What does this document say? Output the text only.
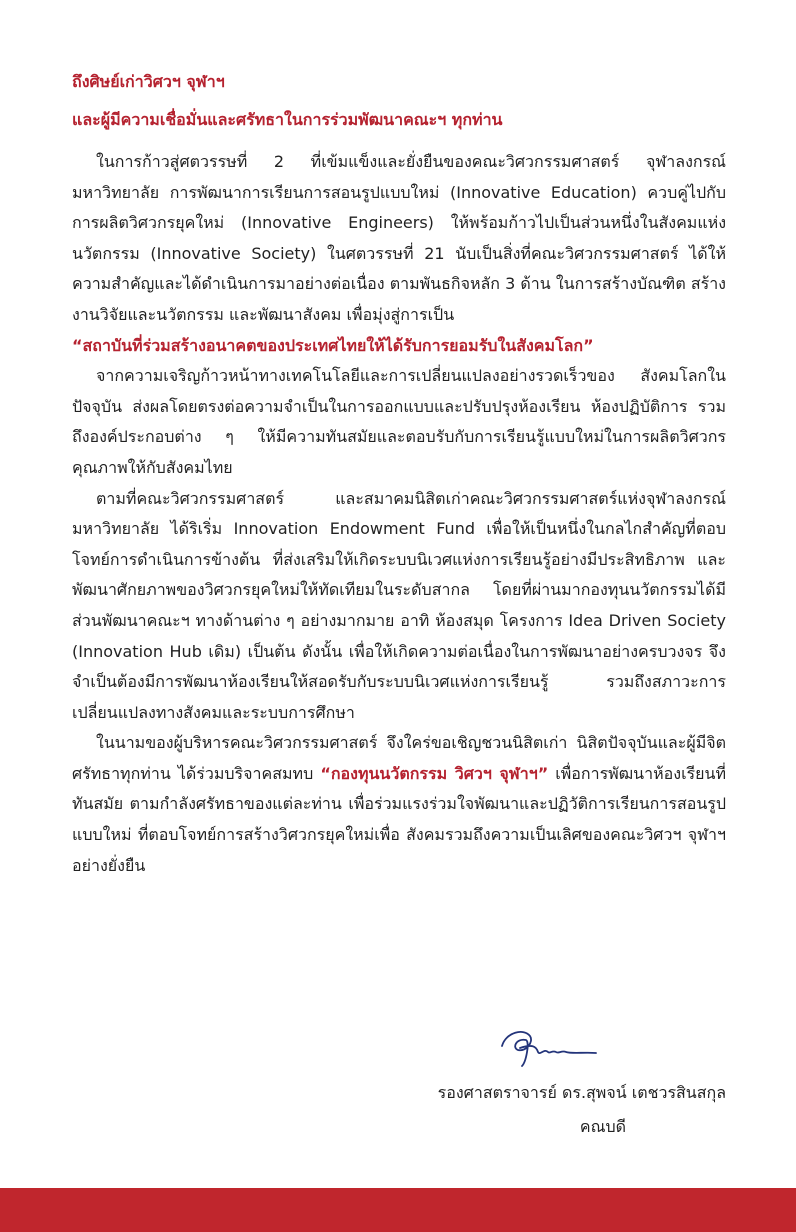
ถึงศิษย์เก่าวิศวฯ จุฬาฯ
และผู้มีความเชื่อมั่นและศรัทธาในการร่วมพัฒนาคณะฯ ทุกท่าน

ในการก้าวสู่ศตวรรษที่ 2 ที่เข้มแข็งและยั่งยืนของคณะวิศวกรรมศาสตร์ จุฬาลงกรณ์มหาวิทยาลัย การพัฒนาการเรียนการสอนรูปแบบใหม่ (Innovative Education) ควบคู่ไปกับการผลิตวิศวกรยุคใหม่ (Innovative Engineers) ให้พร้อมก้าวไปเป็นส่วนหนึ่งในสังคมแห่งนวัตกรรม (Innovative Society) ในศตวรรษที่ 21 นับเป็นสิ่งที่คณะวิศวกรรมศาสตร์ ได้ให้ความสำคัญและได้ดำเนินการมาอย่างต่อเนื่อง ตามพันธกิจหลัก 3 ด้าน ในการสร้างบัณฑิต สร้างงานวิจัยและนวัตกรรม และพัฒนาสังคม เพื่อมุ่งสู่การเป็น
“สถาบันที่ร่วมสร้างอนาคตของประเทศไทยให้ได้รับการยอมรับในสังคมโลก”

จากความเจริญก้าวหน้าทางเทคโนโลยีและการเปลี่ยนแปลงอย่างรวดเร็วของ สังคมโลกในปัจจุบัน ส่งผลโดยตรงต่อความจำเป็นในการออกแบบและปรับปรุงห้องเรียน ห้องปฏิบัติการ รวมถึงองค์ประกอบต่าง ๆ ให้มีความทันสมัยและตอบรับกับการเรียนรู้แบบใหม่ในการผลิตวิศวกรคุณภาพให้กับสังคมไทย

ตามที่คณะวิศวกรรมศาสตร์ และสมาคมนิสิตเก่าคณะวิศวกรรมศาสตร์แห่งจุฬาลงกรณ์มหาวิทยาลัย ได้ริเริ่ม Innovation Endowment Fund เพื่อให้เป็นหนึ่งในกลไกสำคัญที่ตอบโจทย์การดำเนินการข้างต้น ที่ส่งเสริมให้เกิดระบบนิเวศแห่งการเรียนรู้อย่างมีประสิทธิภาพ และพัฒนาศักยภาพของวิศวกรยุคใหม่ให้ทัดเทียมในระดับสากล โดยที่ผ่านมากองทุนนวัตกรรมได้มีส่วนพัฒนาคณะฯ ทางด้านต่าง ๆ อย่างมากมาย อาทิ ห้องสมุด โครงการ Idea Driven Society (Innovation Hub เดิม) เป็นต้น ดังนั้น เพื่อให้เกิดความต่อเนื่องในการพัฒนาอย่างครบวงจร จึงจำเป็นต้องมีการพัฒนาห้องเรียนให้สอดรับกับระบบนิเวศแห่งการเรียนรู้ รวมถึงสภาวะการเปลี่ยนแปลงทางสังคมและระบบการศึกษา

ในนามของผู้บริหารคณะวิศวกรรมศาสตร์ จึงใคร่ขอเชิญชวนนิสิตเก่า นิสิตปัจจุบันและผู้มีจิตศรัทธาทุกท่าน ได้ร่วมบริจาคสมทบ “กองทุนนวัตกรรม วิศวฯ จุฬาฯ” เพื่อการพัฒนาห้องเรียนที่ทันสมัย ตามกำลังศรัทธาของแต่ละท่าน เพื่อร่วมแรงร่วมใจพัฒนาและปฏิวัติการเรียนการสอนรูปแบบใหม่ ที่ตอบโจทย์การสร้างวิศวกรยุคใหม่เพื่อ สังคมรวมถึงความเป็นเลิศของคณะวิศวฯ จุฬาฯ อย่างยั่งยืน

รองศาสตราจารย์ ดร.สุพจน์ เตชวรสินสกุล
คณบดี
